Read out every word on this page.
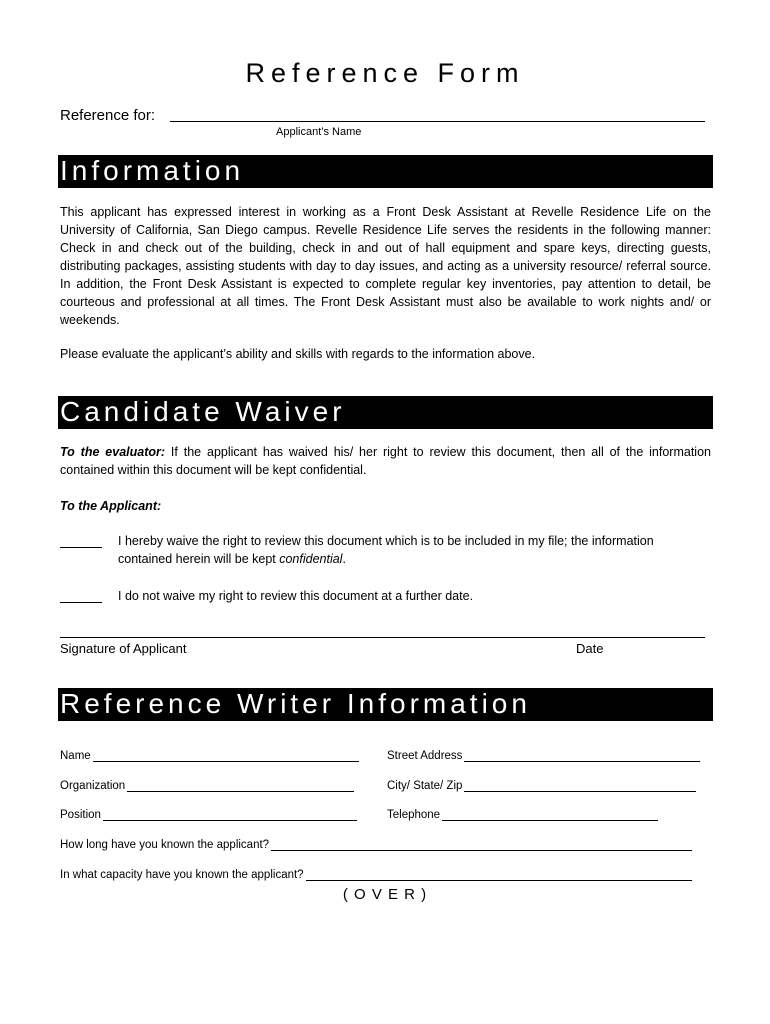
Reference Form
Reference for:
Applicant’s Name
Information
This applicant has expressed interest in working as a Front Desk Assistant at Revelle Residence Life on the University of California, San Diego campus. Revelle Residence Life serves the residents in the following manner: Check in and check out of the building, check in and out of hall equipment and spare keys, directing guests, distributing packages, assisting students with day to day issues, and acting as a university resource/ referral source. In addition, the Front Desk Assistant is expected to complete regular key inventories, pay attention to detail, be courteous and professional at all times. The Front Desk Assistant must also be available to work nights and/ or weekends.
Please evaluate the applicant’s ability and skills with regards to the information above.
Candidate Waiver
To the evaluator: If the applicant has waived his/ her right to review this document, then all of the information contained within this document will be kept confidential.
To the Applicant:
I hereby waive the right to review this document which is to be included in my file; the information contained herein will be kept confidential.
I do not waive my right to review this document at a further date.
Signature of Applicant	Date
Reference Writer Information
Name	Street Address
Organization	City/ State/ Zip
Position	Telephone
How long have you known the applicant?
In what capacity have you known the applicant?
( O V E R )
